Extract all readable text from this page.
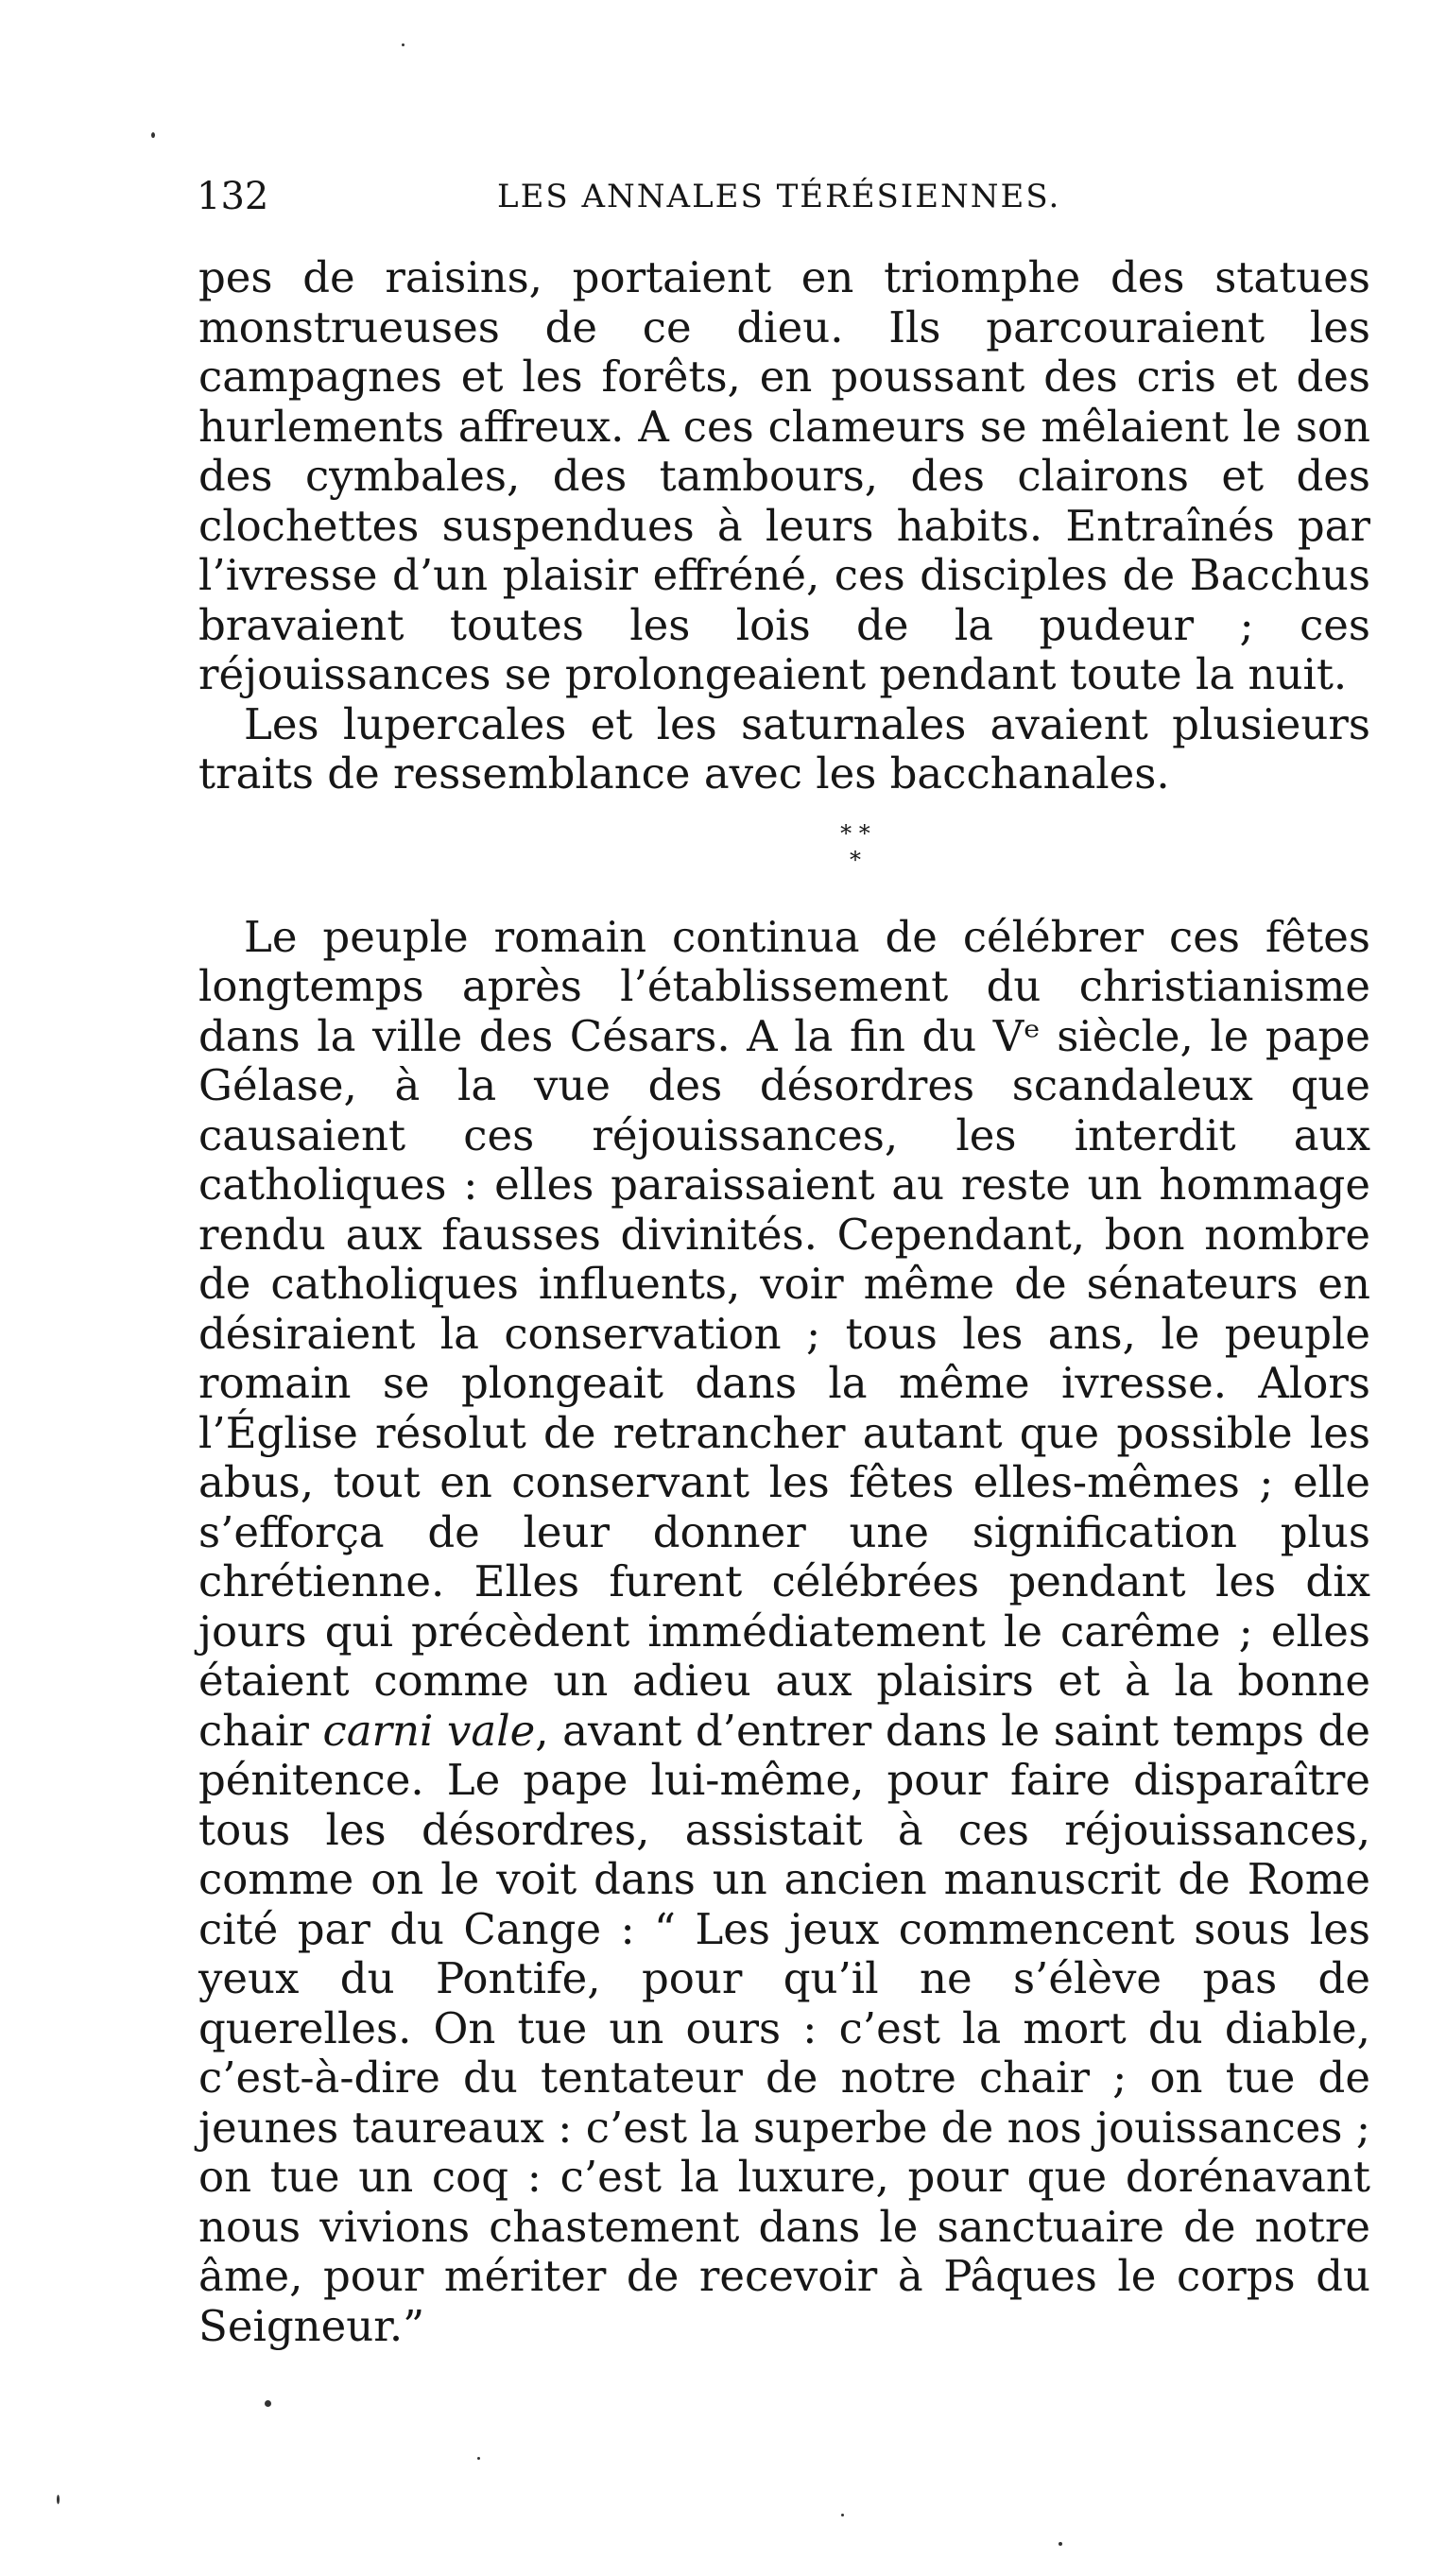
132	LES ANNALES TÉRÉSIENNES.

pes de raisins, portaient en triomphe des statues monstrueuses de ce dieu. Ils parcouraient les campagnes et les forêts, en poussant des cris et des hurlements affreux. A ces clameurs se mêlaient le son des cymbales, des tambours, des clairons et des clochettes suspendues à leurs habits. Entraînés par l’ivresse d’un plaisir effréné, ces disciples de Bacchus bravaient toutes les lois de la pudeur ; ces réjouissances se prolongeaient pendant toute la nuit.

Les lupercales et les saturnales avaient plusieurs traits de ressemblance avec les bacchanales.

* *
*

Le peuple romain continua de célébrer ces fêtes longtemps après l’établissement du christianisme dans la ville des Césars. A la fin du Vᵉ siècle, le pape Gélase, à la vue des désordres scandaleux que causaient ces réjouissances, les interdit aux catholiques : elles paraissaient au reste un hommage rendu aux fausses divinités. Cependant, bon nombre de catholiques influents, voir même de sénateurs en désiraient la conservation ; tous les ans, le peuple romain se plongeait dans la même ivresse. Alors l’Église résolut de retrancher autant que possible les abus, tout en conservant les fêtes elles-mêmes ; elle s’efforça de leur donner une signification plus chrétienne. Elles furent célébrées pendant les dix jours qui précèdent immédiatement le carême ; elles étaient comme un adieu aux plaisirs et à la bonne chair carni vale, avant d’entrer dans le saint temps de pénitence. Le pape lui-même, pour faire disparaître tous les désordres, assistait à ces réjouissances, comme on le voit dans un ancien manuscrit de Rome cité par du Cange : “ Les jeux commencent sous les yeux du Pontife, pour qu’il ne s’élève pas de querelles. On tue un ours : c’est la mort du diable, c’est-à-dire du tentateur de notre chair ; on tue de jeunes taureaux : c’est la superbe de nos jouissances ; on tue un coq : c’est la luxure, pour que dorénavant nous vivions chastement dans le sanctuaire de notre âme, pour mériter de recevoir à Pâques le corps du Seigneur.”
